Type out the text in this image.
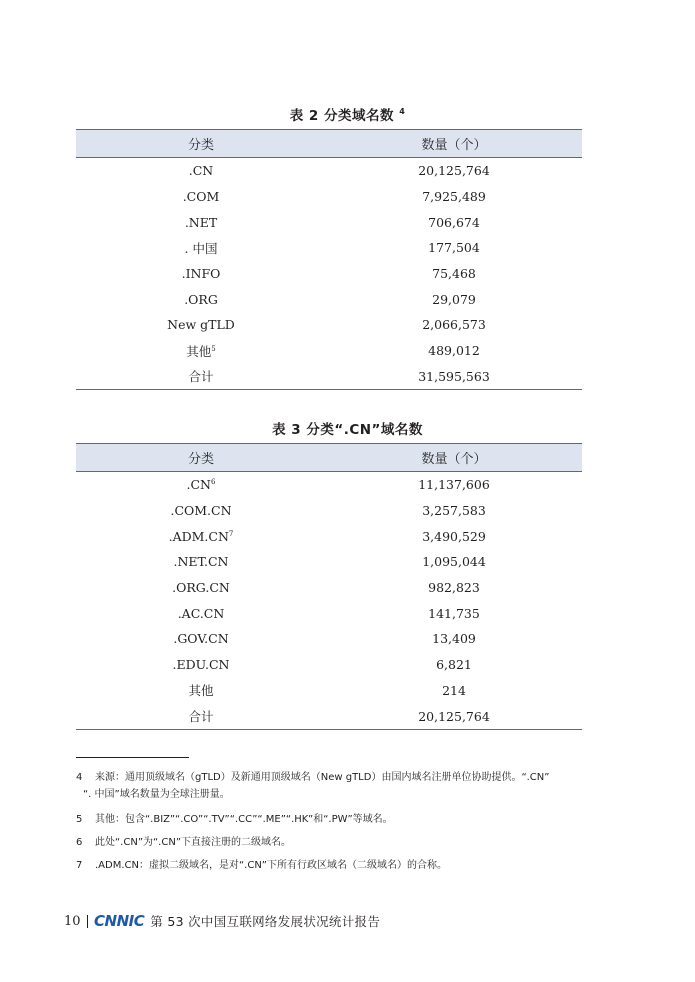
表 2 分类域名数 $^4$
分类	数量（个）
.CN	20,125,764
.COM	7,925,489
.NET	706,674
. 中国	177,504
.INFO	75,468
.ORG	29,079
New gTLD	2,066,573
其他$^5$	489,012
合计	31,595,563
表 3 分类“.CN”域名数
分类	数量（个）
$.CN^6$	11,137,606
.COM.CN	3,257,583
$.ADM.CN^7$	3,490,529
.NET.CN	1,095,044
.ORG.CN	982,823
.AC.CN	141,735
.GOV.CN	13,409
.EDU.CN	6,821
其他	214
合计	20,125,764
4 来源：通用顶级域名（gTLD）及新通用顶级域名（New gTLD）由国内域名注册单位协助提供。“.CN”
“. 中国”域名数量为全球注册量。
5 其他：包含“.BIZ”“.CO”“.TV”“.CC”“.ME”“.HK”和“.PW”等域名。
6 此处“.CN”为“.CN”下直接注册的二级域名。
7 .ADM.CN：虚拟二级域名，是对“.CN”下所有行政区域名（二级域名）的合称。
10 CNNIC 第 53 次中国互联网络发展状况统计报告
